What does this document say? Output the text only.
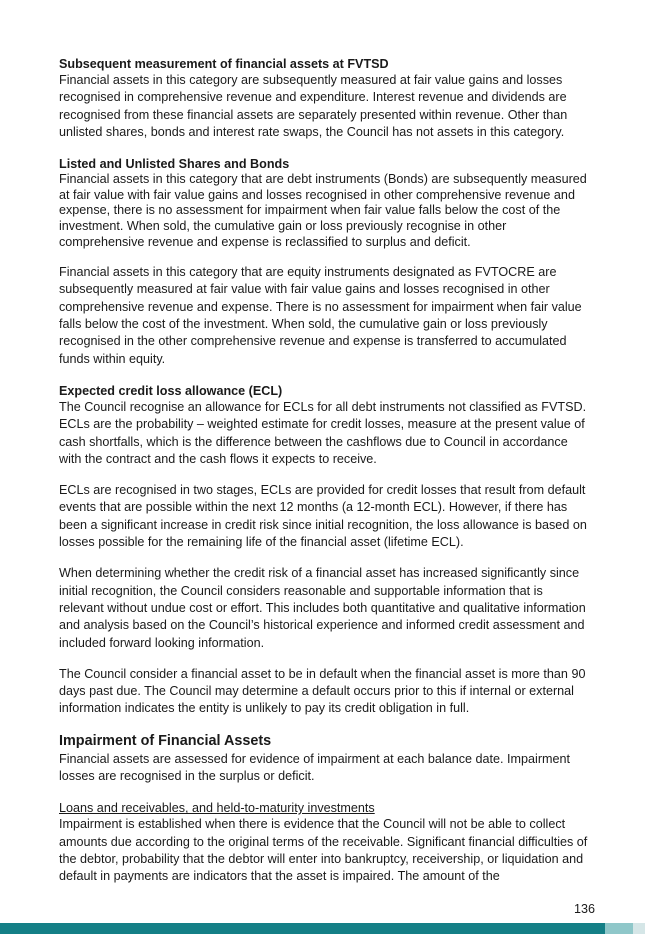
Subsequent measurement of financial assets at FVTSD

Financial assets in this category are subsequently measured at fair value gains and losses recognised in comprehensive revenue and expenditure. Interest revenue and dividends are recognised from these financial assets are separately presented within revenue. Other than unlisted shares, bonds and interest rate swaps, the Council has not assets in this category.

Listed and Unlisted Shares and Bonds

Financial assets in this category that are debt instruments (Bonds) are subsequently measured at fair value with fair value gains and losses recognised in other comprehensive revenue and expense, there is no assessment for impairment when fair value falls below the cost of the investment. When sold, the cumulative gain or loss previously recognise in other comprehensive revenue and expense is reclassified to surplus and deficit.

Financial assets in this category that are equity instruments designated as FVTOCRE are subsequently measured at fair value with fair value gains and losses recognised in other comprehensive revenue and expense. There is no assessment for impairment when fair value falls below the cost of the investment. When sold, the cumulative gain or loss previously recognised in the other comprehensive revenue and expense is transferred to accumulated funds within equity.

Expected credit loss allowance (ECL)

The Council recognise an allowance for ECLs for all debt instruments not classified as FVTSD. ECLs are the probability – weighted estimate for credit losses, measure at the present value of cash shortfalls, which is the difference between the cashflows due to Council in accordance with the contract and the cash flows it expects to receive.

ECLs are recognised in two stages, ECLs are provided for credit losses that result from default events that are possible within the next 12 months (a 12-month ECL). However, if there has been a significant increase in credit risk since initial recognition, the loss allowance is based on losses possible for the remaining life of the financial asset (lifetime ECL).

When determining whether the credit risk of a financial asset has increased significantly since initial recognition, the Council considers reasonable and supportable information that is relevant without undue cost or effort. This includes both quantitative and qualitative information and analysis based on the Council’s historical experience and informed credit assessment and included forward looking information.

The Council consider a financial asset to be in default when the financial asset is more than 90 days past due. The Council may determine a default occurs prior to this if internal or external information indicates the entity is unlikely to pay its credit obligation in full.

Impairment of Financial Assets

Financial assets are assessed for evidence of impairment at each balance date. Impairment losses are recognised in the surplus or deficit.

Loans and receivables, and held-to-maturity investments

Impairment is established when there is evidence that the Council will not be able to collect amounts due according to the original terms of the receivable. Significant financial difficulties of the debtor, probability that the debtor will enter into bankruptcy, receivership, or liquidation and default in payments are indicators that the asset is impaired. The amount of the

136
